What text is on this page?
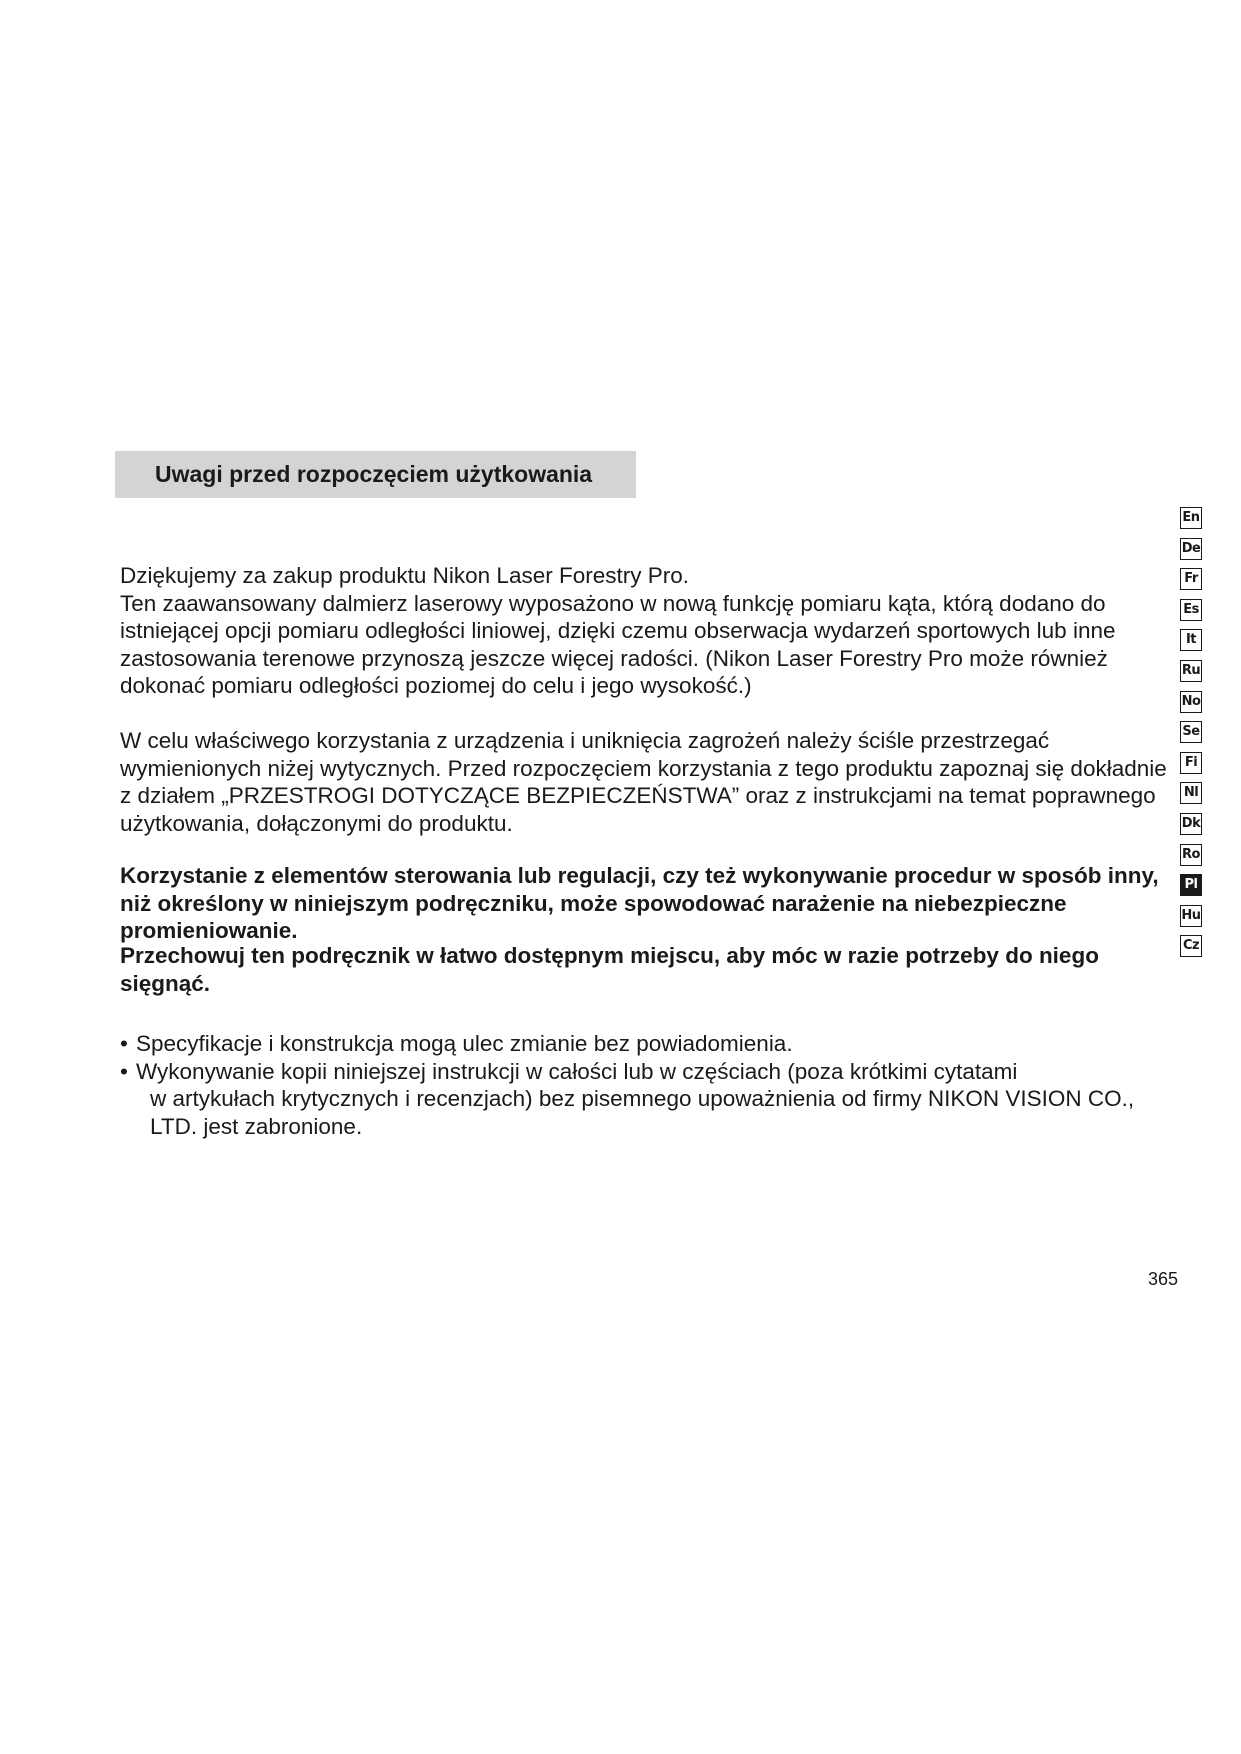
Uwagi przed rozpoczęciem użytkowania
Dziękujemy za zakup produktu Nikon Laser Forestry Pro.
Ten zaawansowany dalmierz laserowy wyposażono w nową funkcję pomiaru kąta, którą dodano do istniejącej opcji pomiaru odległości liniowej, dzięki czemu obserwacja wydarzeń sportowych lub inne zastosowania terenowe przynoszą jeszcze więcej radości. (Nikon Laser Forestry Pro może również dokonać pomiaru odległości poziomej do celu i jego wysokość.)

W celu właściwego korzystania z urządzenia i uniknięcia zagrożeń należy ściśle przestrzegać wymienionych niżej wytycznych. Przed rozpoczęciem korzystania z tego produktu zapoznaj się dokładnie z działem „PRZESTROGI DOTYCZĄCE BEZPIECZEŃSTWA” oraz z instrukcjami na temat poprawnego użytkowania, dołączonymi do produktu.

Korzystanie z elementów sterowania lub regulacji, czy też wykonywanie procedur w sposób inny, niż określony w niniejszym podręczniku, może spowodować narażenie na niebezpieczne promieniowanie.

Przechowuj ten podręcznik w łatwo dostępnym miejscu, aby móc w razie potrzeby do niego sięgnąć.

• Specyfikacje i konstrukcja mogą ulec zmianie bez powiadomienia.
• Wykonywanie kopii niniejszej instrukcji w całości lub w częściach (poza krótkimi cytatami
w artykułach krytycznych i recenzjach) bez pisemnego upoważnienia od firmy NIKON VISION CO., LTD. jest zabronione.
En
De
Fr
Es
It
Ru
No
Se
Fi
Nl
Dk
Ro
Pl
Hu
Cz
365
